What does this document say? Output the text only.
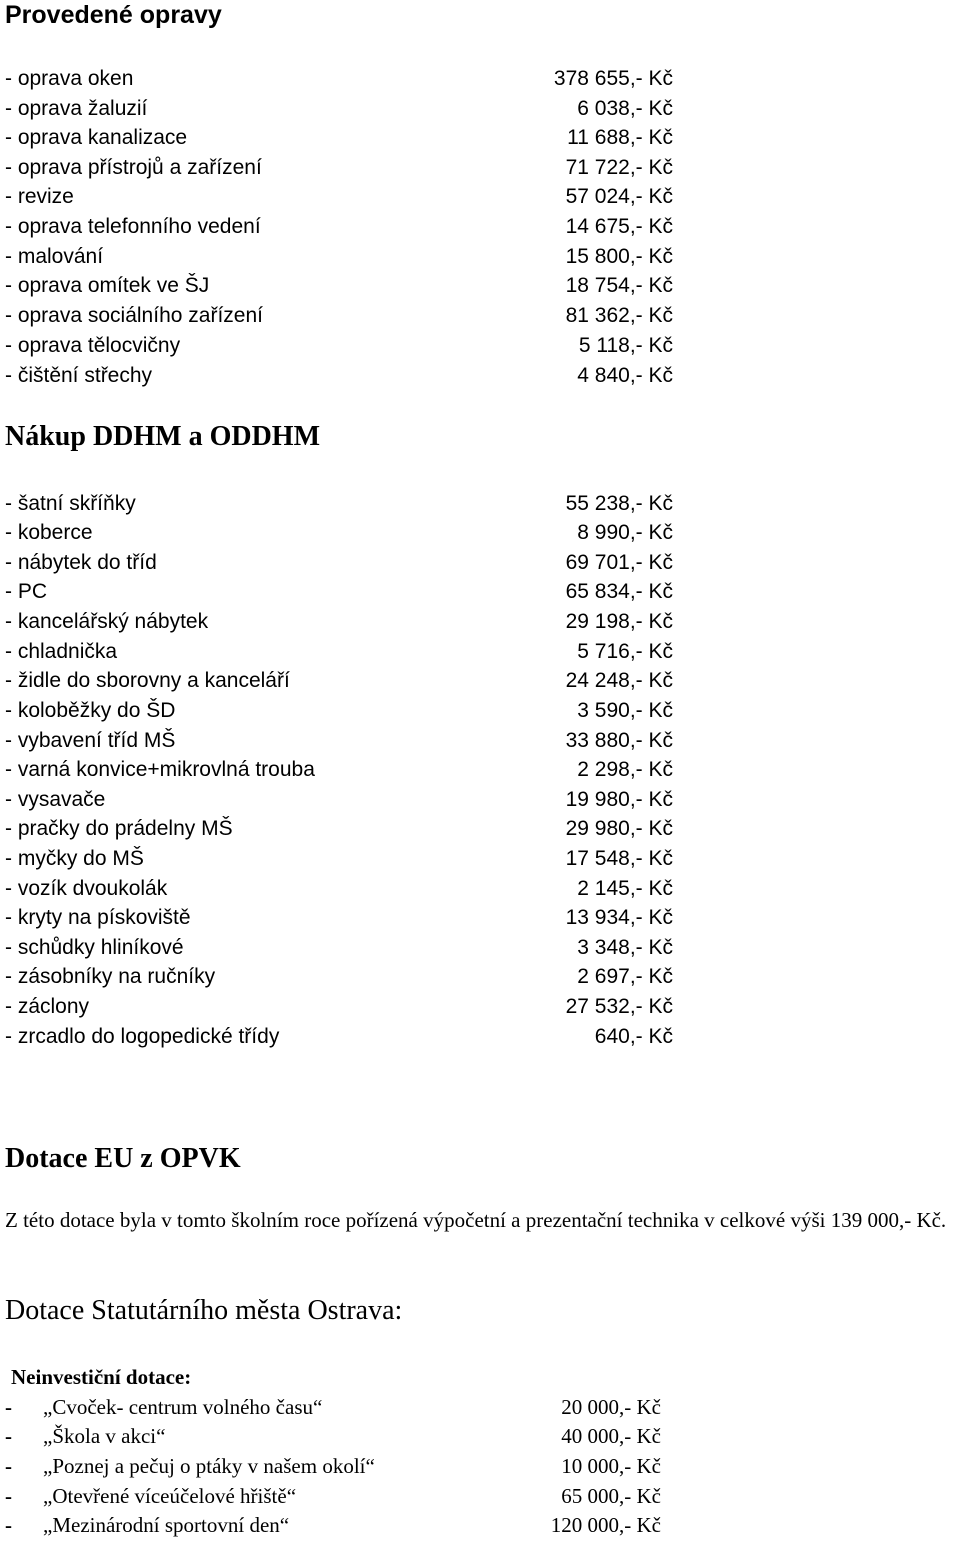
Provedené opravy
- oprava oken	378 655,- Kč
- oprava žaluzií	6 038,- Kč
- oprava kanalizace	11 688,- Kč
- oprava přístrojů a zařízení	71 722,- Kč
- revize	57 024,- Kč
- oprava telefonního vedení	14 675,- Kč
- malování	15 800,- Kč
- oprava omítek ve ŠJ	18 754,- Kč
- oprava sociálního zařízení	81 362,- Kč
- oprava tělocvičny	5 118,- Kč
- čištění střechy	4 840,- Kč
Nákup DDHM a ODDHM
- šatní skříňky	55 238,- Kč
- koberce	8 990,- Kč
- nábytek do tříd	69 701,- Kč
- PC	65 834,- Kč
- kancelářský nábytek	29 198,- Kč
- chladnička	5 716,- Kč
- židle do sborovny a kanceláří	24 248,- Kč
- koloběžky do ŠD	3 590,- Kč
- vybavení tříd MŠ	33 880,- Kč
- varná konvice+mikrovlná trouba	2 298,- Kč
- vysavače	19 980,- Kč
- pračky do prádelny MŠ	29 980,- Kč
- myčky do MŠ	17 548,- Kč
- vozík dvoukolák	2 145,- Kč
- kryty na pískoviště	13 934,- Kč
- schůdky hliníkové	3 348,- Kč
- zásobníky na ručníky	2 697,- Kč
- záclony	27 532,- Kč
- zrcadlo do logopedické třídy	640,- Kč
Dotace EU z OPVK
Z této dotace byla v tomto školním roce pořízená výpočetní a prezentační technika v celkové výši 139 000,- Kč.
Dotace Statutárního města Ostrava:
Neinvestiční dotace:
- „Cvoček- centrum volného času“	20 000,- Kč
- „Škola v akci“	40 000,- Kč
- „Poznej a pečuj o ptáky v našem okolí“	10 000,- Kč
- „Otevřené víceúčelové hřiště“	65 000,- Kč
- „Mezinárodní sportovní den“	120 000,- Kč
